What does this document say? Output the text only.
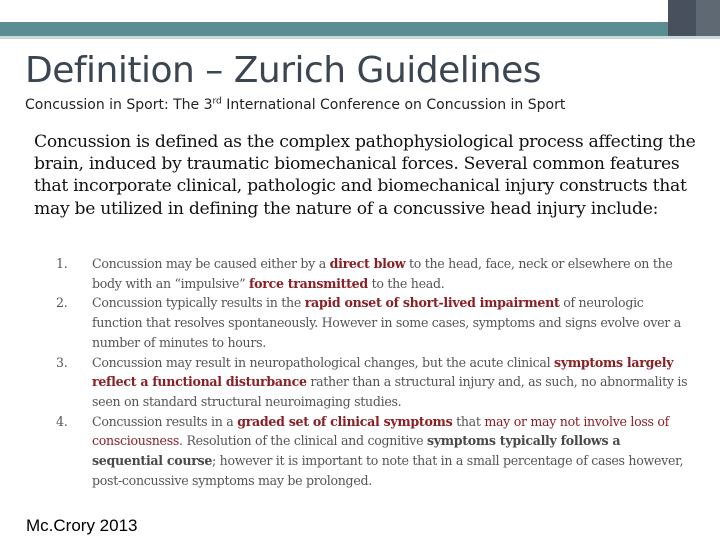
Definition – Zurich Guidelines
Concussion in Sport: The 3rd International Conference on Concussion in Sport
Concussion is defined as the complex pathophysiological process affecting the brain, induced by traumatic biomechanical forces. Several common features that incorporate clinical, pathologic and biomechanical injury constructs that may be utilized in defining the nature of a concussive head injury include:
1. Concussion may be caused either by a direct blow to the head, face, neck or elsewhere on the body with an “impulsive” force transmitted to the head.
2. Concussion typically results in the rapid onset of short-lived impairment of neurologic function that resolves spontaneously. However in some cases, symptoms and signs evolve over a number of minutes to hours.
3. Concussion may result in neuropathological changes, but the acute clinical symptoms largely reflect a functional disturbance rather than a structural injury and, as such, no abnormality is seen on standard structural neuroimaging studies.
4. Concussion results in a graded set of clinical symptoms that may or may not involve loss of consciousness. Resolution of the clinical and cognitive symptoms typically follows a sequential course; however it is important to note that in a small percentage of cases however, post-concussive symptoms may be prolonged.
Mc.Crory 2013
